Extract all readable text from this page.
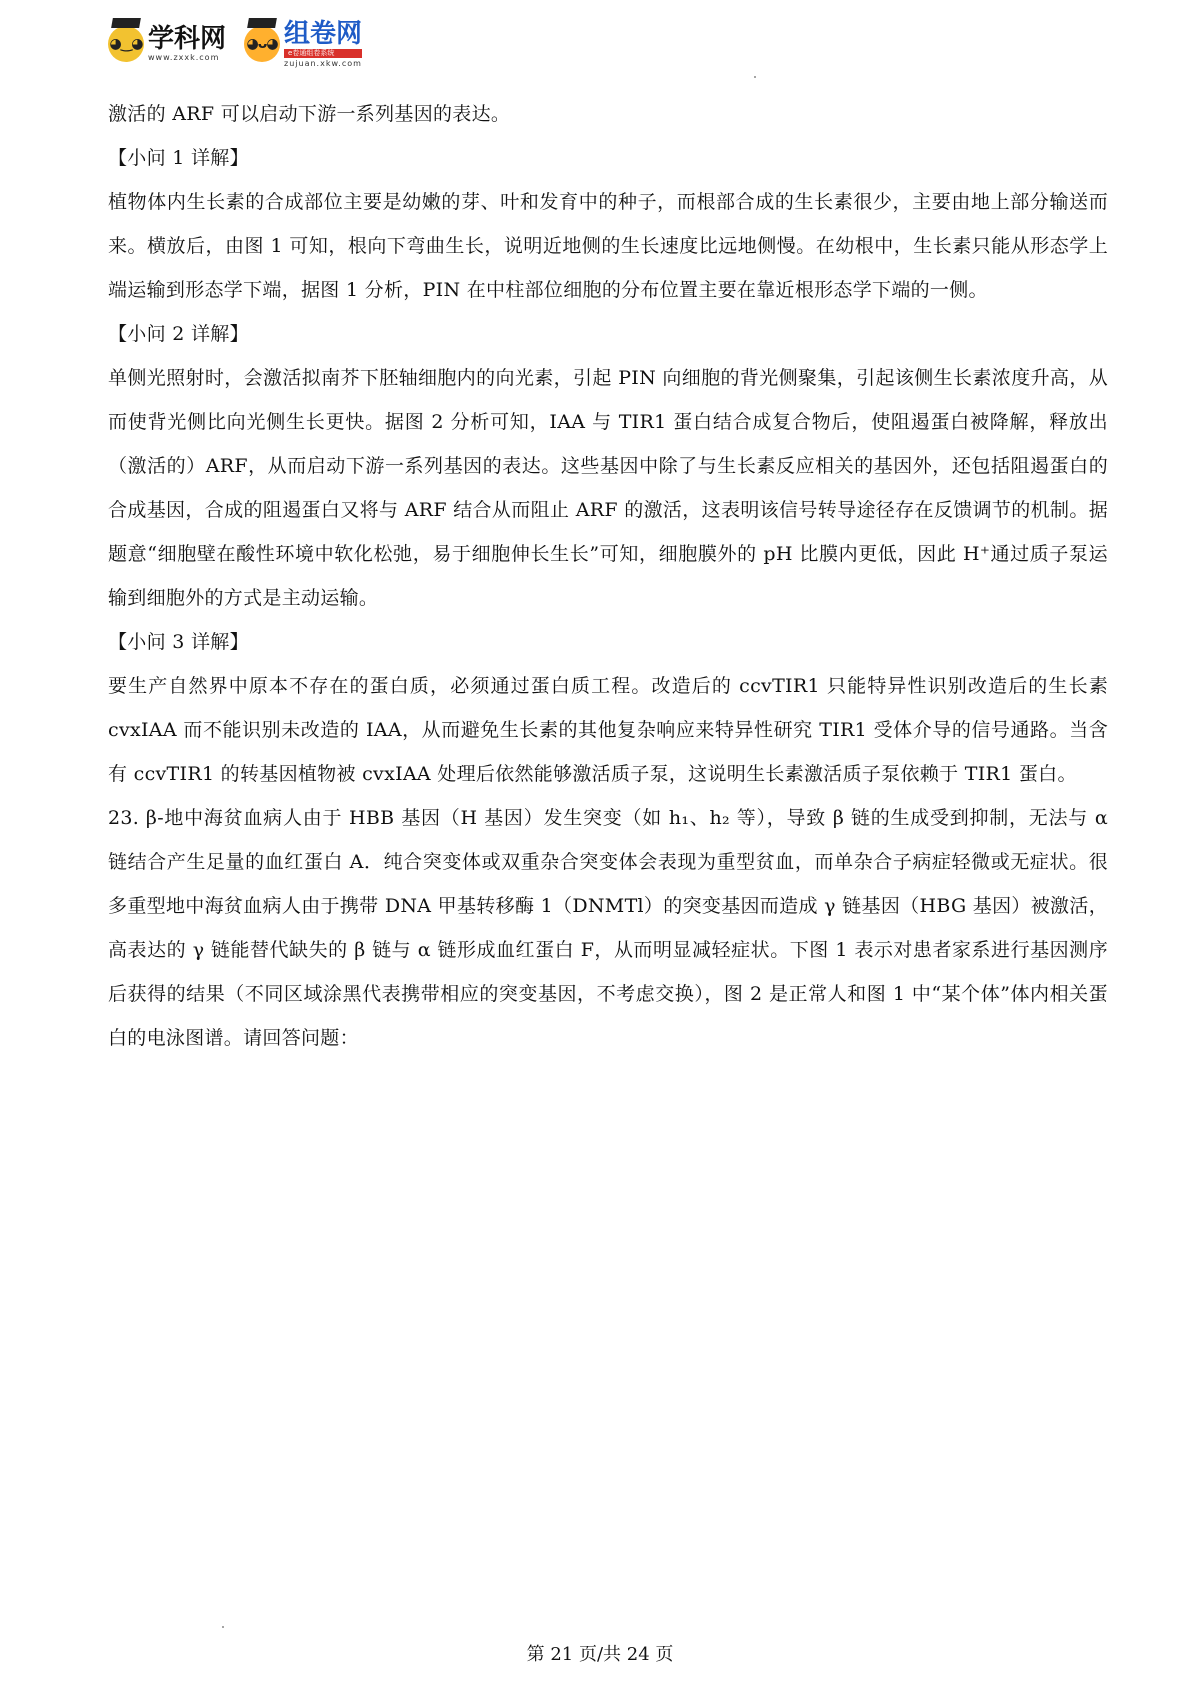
◕‿◕ 学科网
www.zxxk.com
◕ᴗ◕ 组卷网
e卷通组卷系统
zujuan.xkw.com

激活的 ARF 可以启动下游一系列基因的表达。

【小问 1 详解】

植物体内生长素的合成部位主要是幼嫩的芽、叶和发育中的种子，而根部合成的生长素很少，主要由地上部分输送而来。横放后，由图 1 可知，根向下弯曲生长，说明近地侧的生长速度比远地侧慢。在幼根中，生长素只能从形态学上端运输到形态学下端，据图 1 分析，PIN 在中柱部位细胞的分布位置主要在靠近根形态学下端的一侧。

【小问 2 详解】

单侧光照射时，会激活拟南芥下胚轴细胞内的向光素，引起 PIN 向细胞的背光侧聚集，引起该侧生长素浓度升高，从而使背光侧比向光侧生长更快。据图 2 分析可知，IAA 与 TIR1 蛋白结合成复合物后，使阻遏蛋白被降解，释放出（激活的）ARF，从而启动下游一系列基因的表达。这些基因中除了与生长素反应相关的基因外，还包括阻遏蛋白的合成基因，合成的阻遏蛋白又将与 ARF 结合从而阻止 ARF 的激活，这表明该信号转导途径存在反馈调节的机制。据题意“细胞壁在酸性环境中软化松弛，易于细胞伸长生长”可知，细胞膜外的 pH 比膜内更低，因此 H⁺通过质子泵运输到细胞外的方式是主动运输。

【小问 3 详解】

要生产自然界中原本不存在的蛋白质，必须通过蛋白质工程。改造后的 ccvTIR1 只能特异性识别改造后的生长素 cvxIAA 而不能识别未改造的 IAA，从而避免生长素的其他复杂响应来特异性研究 TIR1 受体介导的信号通路。当含有 ccvTIR1 的转基因植物被 cvxIAA 处理后依然能够激活质子泵，这说明生长素激活质子泵依赖于 TIR1 蛋白。

23. β-地中海贫血病人由于 HBB 基因（H 基因）发生突变（如 h₁、h₂ 等），导致 β 链的生成受到抑制，无法与 α 链结合产生足量的血红蛋白 A．纯合突变体或双重杂合突变体会表现为重型贫血，而单杂合子病症轻微或无症状。很多重型地中海贫血病人由于携带 DNA 甲基转移酶 1（DNMTl）的突变基因而造成 γ 链基因（HBG 基因）被激活，高表达的 γ 链能替代缺失的 β 链与 α 链形成血红蛋白 F，从而明显减轻症状。下图 1 表示对患者家系进行基因测序后获得的结果（不同区域涂黑代表携带相应的突变基因，不考虑交换），图 2 是正常人和图 1 中“某个体”体内相关蛋白的电泳图谱。请回答问题：

第 21 页/共 24 页
